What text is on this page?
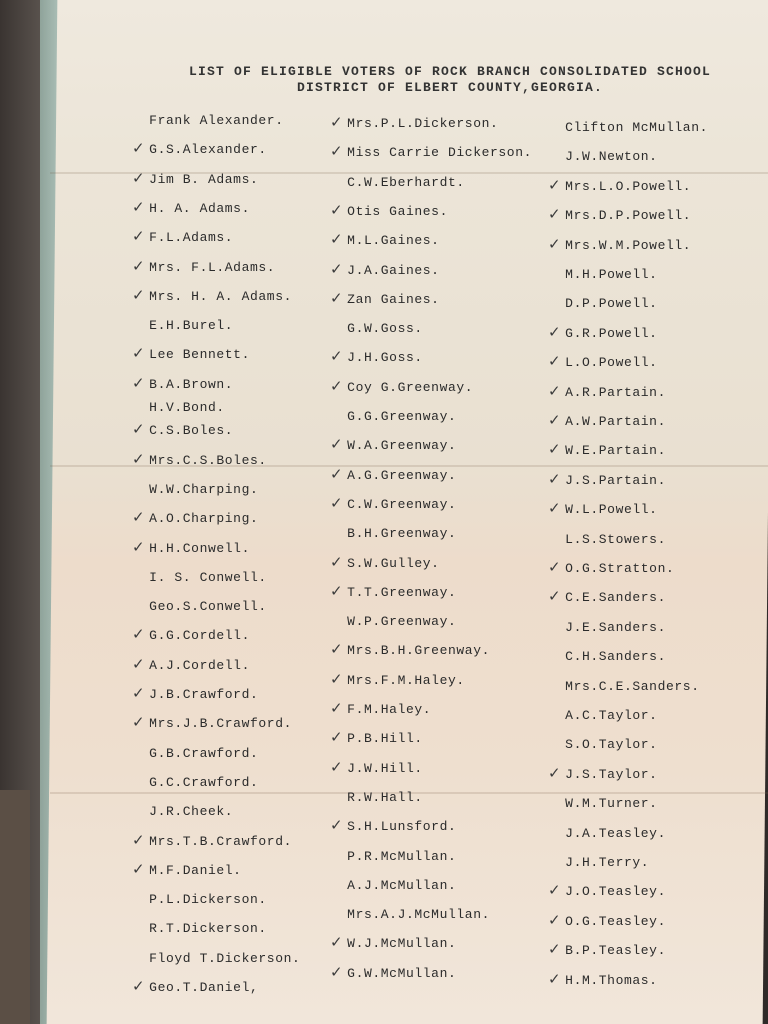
LIST OF ELIGIBLE VOTERS OF ROCK BRANCH CONSOLIDATED SCHOOL
DISTRICT OF ELBERT COUNTY,GEORGIA.
Frank Alexander.
✓ G.S.Alexander.
✓ Jim B. Adams.
✓ H. A. Adams.
✓ F.L.Adams.
✓ Mrs. F.L.Adams.
✓ Mrs. H. A. Adams.
E.H.Burel.
✓ Lee Bennett.
✓ B.A.Brown.
H.V.Bond.
✓ C.S.Boles.
✓ Mrs.C.S.Boles.
W.W.Charping.
✓ A.O.Charping.
✓ H.H.Conwell.
I. S. Conwell.
Geo.S.Conwell.
✓ G.G.Cordell.
✓ A.J.Cordell.
✓ J.B.Crawford.
✓ Mrs.J.B.Crawford.
G.B.Crawford.
G.C.Crawford.
J.R.Cheek.
✓ Mrs.T.B.Crawford.
✓ M.F.Daniel.
P.L.Dickerson.
R.T.Dickerson.
Floyd T.Dickerson.
✓ Geo.T.Daniel,
✓ Mrs.P.L.Dickerson.
✓ Miss Carrie Dickerson.
C.W.Eberhardt.
✓ Otis Gaines.
✓ M.L.Gaines.
✓ J.A.Gaines.
✓ Zan Gaines.
G.W.Goss.
✓ J.H.Goss.
✓ Coy G.Greenway.
G.G.Greenway.
✓ W.A.Greenway.
✓ A.G.Greenway.
✓ C.W.Greenway.
B.H.Greenway.
✓ S.W.Gulley.
✓ T.T.Greenway.
W.P.Greenway.
✓ Mrs.B.H.Greenway.
✓ Mrs.F.M.Haley.
✓ F.M.Haley.
✓ P.B.Hill.
✓ J.W.Hill.
R.W.Hall.
✓ S.H.Lunsford.
P.R.McMullan.
A.J.McMullan.
Mrs.A.J.McMullan.
✓ W.J.McMullan.
✓ G.W.McMullan.
Clifton McMullan.
J.W.Newton.
✓ Mrs.L.O.Powell.
✓ Mrs.D.P.Powell.
✓ Mrs.W.M.Powell.
M.H.Powell.
D.P.Powell.
✓ G.R.Powell.
✓ L.O.Powell.
✓ A.R.Partain.
✓ A.W.Partain.
✓ W.E.Partain.
✓ J.S.Partain.
✓ W.L.Powell.
L.S.Stowers.
✓ O.G.Stratton.
✓ C.E.Sanders.
J.E.Sanders.
C.H.Sanders.
Mrs.C.E.Sanders.
A.C.Taylor.
S.O.Taylor.
✓ J.S.Taylor.
W.M.Turner.
J.A.Teasley.
J.H.Terry.
✓ J.O.Teasley.
✓ O.G.Teasley.
✓ B.P.Teasley.
✓ H.M.Thomas.
